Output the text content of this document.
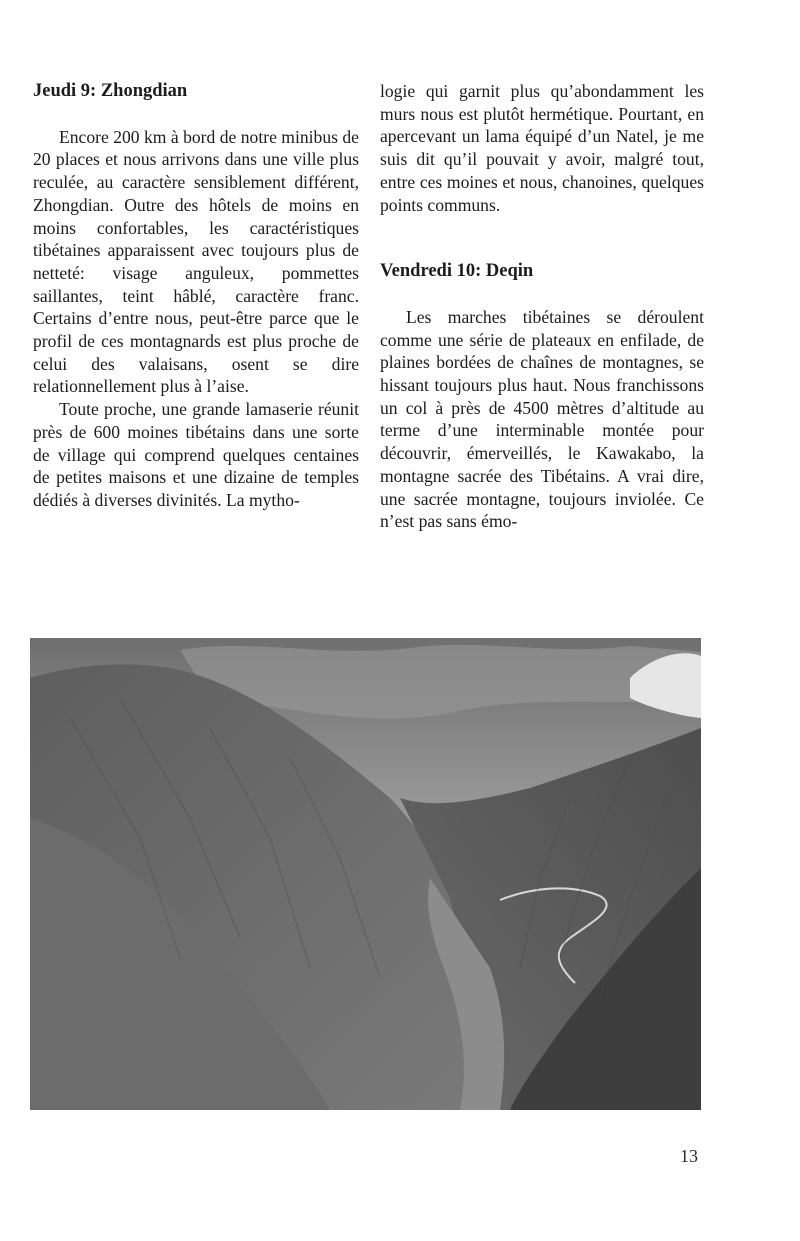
Jeudi 9: Zhongdian

Encore 200 km à bord de notre minibus de 20 places et nous arrivons dans une ville plus reculée, au caractère sensiblement différent, Zhongdian. Outre des hôtels de moins en moins confortables, les caractéristiques tibétaines apparaissent avec toujours plus de netteté: visage anguleux, pommettes saillantes, teint hâblé, caractère franc. Certains d’entre nous, peut-être parce que le profil de ces montagnards est plus proche de celui des valaisans, osent se dire relationnellement plus à l’aise.

Toute proche, une grande lamaserie réunit près de 600 moines tibétains dans une sorte de village qui comprend quelques centaines de petites maisons et une dizaine de temples dédiés à diverses divinités. La mytho-

logie qui garnit plus qu’abondamment les murs nous est plutôt hermétique. Pourtant, en apercevant un lama équipé d’un Natel, je me suis dit qu’il pouvait y avoir, malgré tout, entre ces moines et nous, chanoines, quelques points communs.

Vendredi 10: Deqin

Les marches tibétaines se déroulent comme une série de plateaux en enfilade, de plaines bordées de chaînes de montagnes, se hissant toujours plus haut. Nous franchissons un col à près de 4500 mètres d’altitude au terme d’une interminable montée pour découvrir, émerveillés, le Kawakabo, la montagne sacrée des Tibétains. A vrai dire, une sacrée montagne, toujours inviolée. Ce n’est pas sans émo-

13
